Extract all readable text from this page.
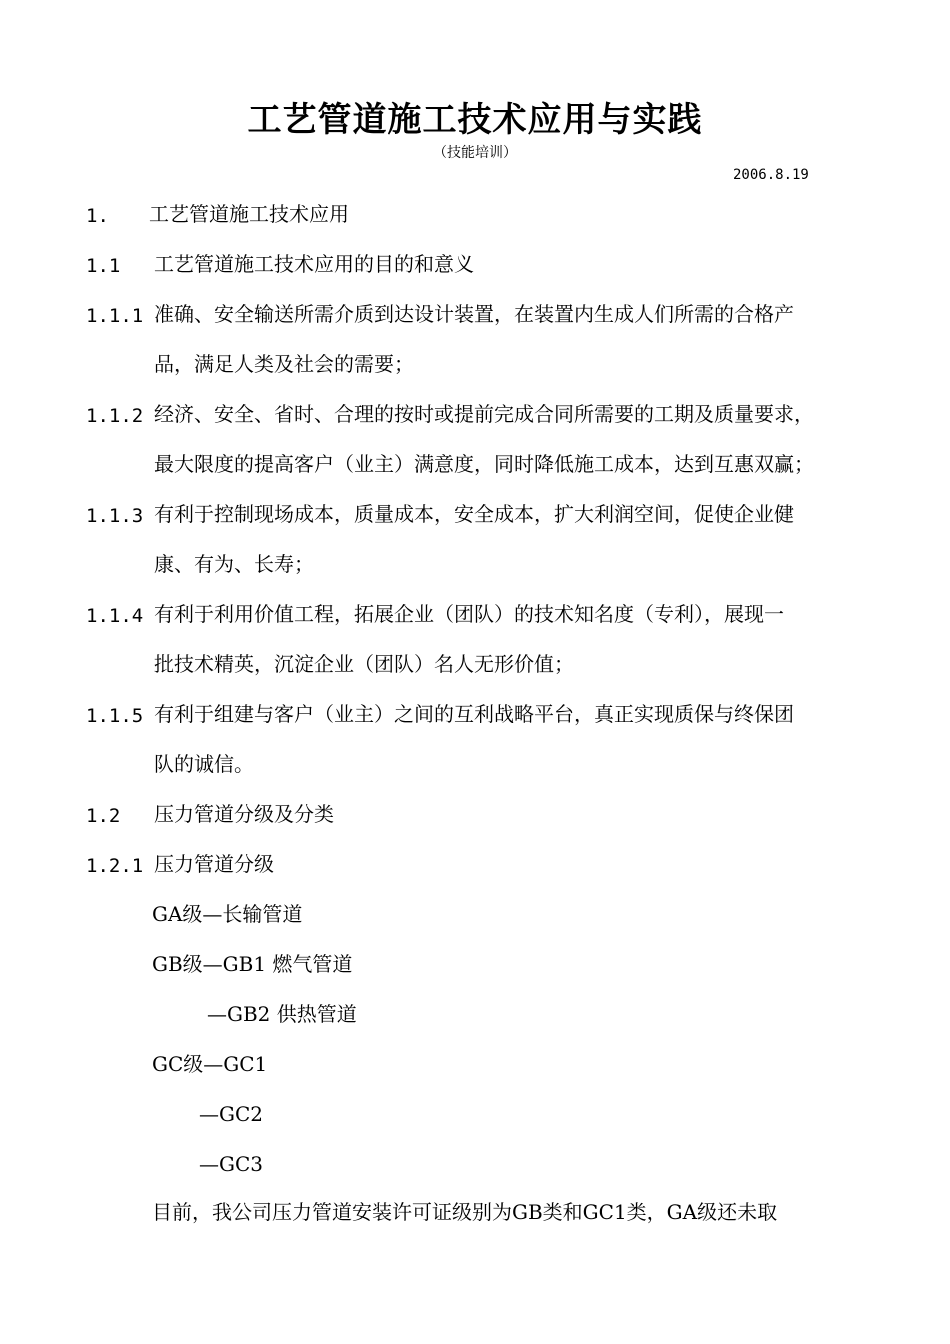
工艺管道施工技术应用与实践
（技能培训）
2006.8.19
1. 工艺管道施工技术应用
1.1 工艺管道施工技术应用的目的和意义
1.1.1 准确、安全输送所需介质到达设计装置，在装置内生成人们所需的合格产
品，满足人类及社会的需要；
1.1.2 经济、安全、省时、合理的按时或提前完成合同所需要的工期及质量要求，
最大限度的提高客户（业主）满意度，同时降低施工成本，达到互惠双赢；
1.1.3 有利于控制现场成本，质量成本，安全成本，扩大利润空间，促使企业健
康、有为、长寿；
1.1.4 有利于利用价值工程，拓展企业（团队）的技术知名度（专利），展现一
批技术精英，沉淀企业（团队）名人无形价值；
1.1.5 有利于组建与客户（业主）之间的互利战略平台，真正实现质保与终保团
队的诚信。
1.2 压力管道分级及分类
1.2.1 压力管道分级
GA级—长输管道
GB级—GB1 燃气管道
—GB2 供热管道
GC级—GC1
—GC2
—GC3
目前，我公司压力管道安装许可证级别为GB类和GC1类，GA级还未取
